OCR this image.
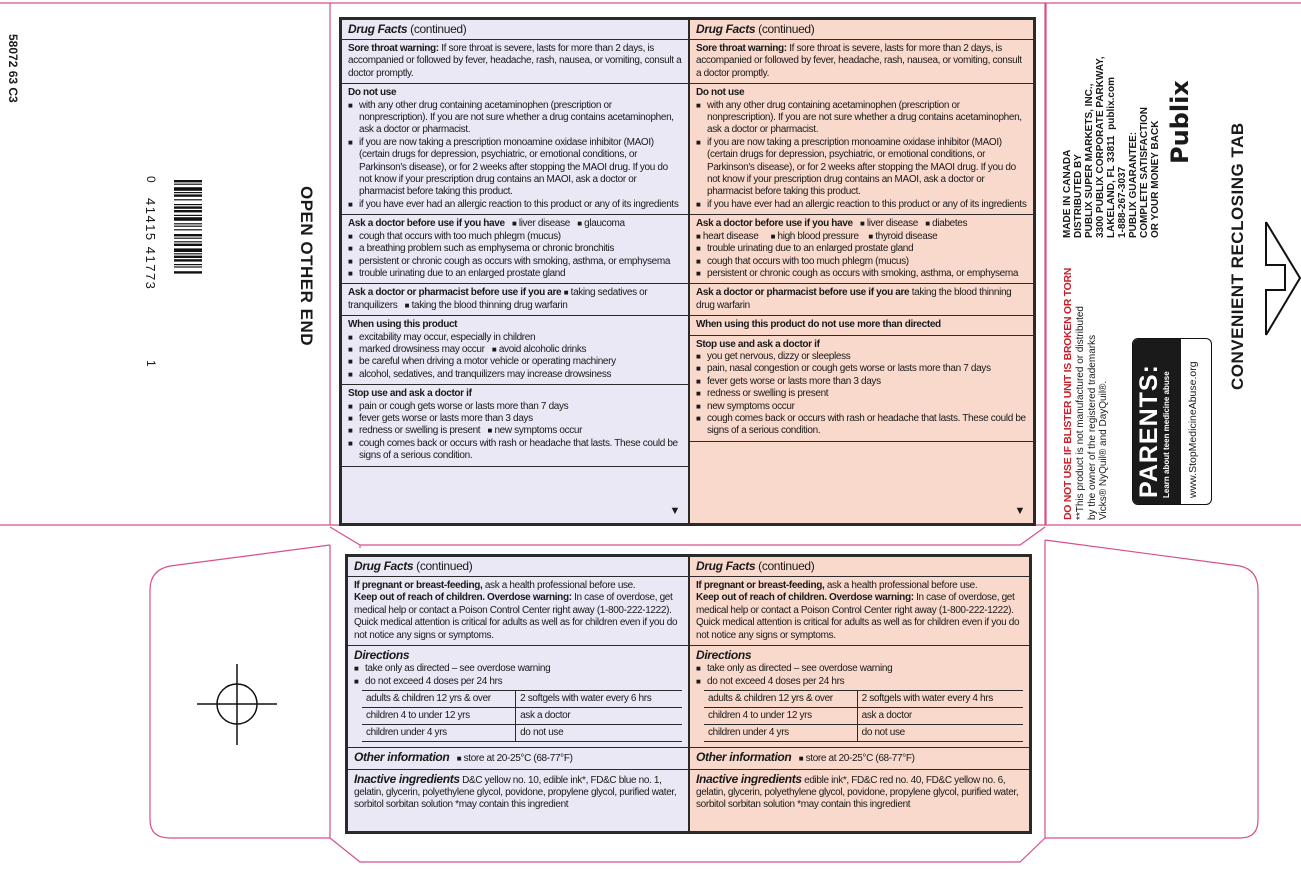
58072 63 C3
0
41415 41773
1
OPEN OTHER END
Drug Facts (continued)
Sore throat warning: If sore throat is severe, lasts for more than 2 days, is accompanied or followed by fever, headache, rash, nausea, or vomiting, consult a doctor promptly.
Do not use
■ with any other drug containing acetaminophen (prescription or nonprescription). If you are not sure whether a drug contains acetaminophen, ask a doctor or pharmacist.
■ if you are now taking a prescription monoamine oxidase inhibitor (MAOI) (certain drugs for depression, psychiatric, or emotional conditions, or Parkinson's disease), or for 2 weeks after stopping the MAOI drug. If you do not know if your prescription drug contains an MAOI, ask a doctor or pharmacist before taking this product.
■ if you have ever had an allergic reaction to this product or any of its ingredients
Ask a doctor before use if you have ■ liver disease ■ glaucoma
■ cough that occurs with too much phlegm (mucus)
■ a breathing problem such as emphysema or chronic bronchitis
■ persistent or chronic cough as occurs with smoking, asthma, or emphysema
■ trouble urinating due to an enlarged prostate gland
Ask a doctor or pharmacist before use if you are ■ taking sedatives or tranquilizers ■ taking the blood thinning drug warfarin
When using this product
■ excitability may occur, especially in children
■ marked drowsiness may occur ■ avoid alcoholic drinks
■ be careful when driving a motor vehicle or operating machinery
■ alcohol, sedatives, and tranquilizers may increase drowsiness
Stop use and ask a doctor if
■ pain or cough gets worse or lasts more than 7 days
■ fever gets worse or lasts more than 3 days
■ redness or swelling is present ■ new symptoms occur
■ cough comes back or occurs with rash or headache that lasts. These could be signs of a serious condition.
▼
Drug Facts (continued)
Sore throat warning: If sore throat is severe, lasts for more than 2 days, is accompanied or followed by fever, headache, rash, nausea, or vomiting, consult a doctor promptly.
Do not use
■ with any other drug containing acetaminophen (prescription or nonprescription). If you are not sure whether a drug contains acetaminophen, ask a doctor or pharmacist.
■ if you are now taking a prescription monoamine oxidase inhibitor (MAOI) (certain drugs for depression, psychiatric, or emotional conditions, or Parkinson's disease), or for 2 weeks after stopping the MAOI drug. If you do not know if your prescription drug contains an MAOI, ask a doctor or pharmacist before taking this product.
■ if you have ever had an allergic reaction to this product or any of its ingredients
Ask a doctor before use if you have ■ liver disease ■ diabetes
■ heart disease ■ high blood pressure ■ thyroid disease
■ trouble urinating due to an enlarged prostate gland
■ cough that occurs with too much phlegm (mucus)
■ persistent or chronic cough as occurs with smoking, asthma, or emphysema
Ask a doctor or pharmacist before use if you are taking the blood thinning drug warfarin
When using this product do not use more than directed
Stop use and ask a doctor if
■ you get nervous, dizzy or sleepless
■ pain, nasal congestion or cough gets worse or lasts more than 7 days
■ fever gets worse or lasts more than 3 days
■ redness or swelling is present
■ new symptoms occur
■ cough comes back or occurs with rash or headache that lasts. These could be signs of a serious condition.
▼
Drug Facts (continued)
If pregnant or breast-feeding, ask a health professional before use.
Keep out of reach of children. Overdose warning: In case of overdose, get medical help or contact a Poison Control Center right away (1-800-222-1222). Quick medical attention is critical for adults as well as for children even if you do not notice any signs or symptoms.
Directions
■ take only as directed – see overdose warning
■ do not exceed 4 doses per 24 hrs
adults & children 12 yrs & over	2 softgels with water every 6 hrs
children 4 to under 12 yrs	ask a doctor
children under 4 yrs	do not use
Other information ■ store at 20-25°C (68-77°F)
Inactive ingredients D&C yellow no. 10, edible ink*, FD&C blue no. 1, gelatin, glycerin, polyethylene glycol, povidone, propylene glycol, purified water, sorbitol sorbitan solution *may contain this ingredient
Drug Facts (continued)
If pregnant or breast-feeding, ask a health professional before use.
Keep out of reach of children. Overdose warning: In case of overdose, get medical help or contact a Poison Control Center right away (1-800-222-1222). Quick medical attention is critical for adults as well as for children even if you do not notice any signs or symptoms.
Directions
■ take only as directed – see overdose warning
■ do not exceed 4 doses per 24 hrs
adults & children 12 yrs & over	2 softgels with water every 4 hrs
children 4 to under 12 yrs	ask a doctor
children under 4 yrs	do not use
Other information ■ store at 20-25°C (68-77°F)
Inactive ingredients edible ink*, FD&C red no. 40, FD&C yellow no. 6, gelatin, glycerin, polyethylene glycol, povidone, propylene glycol, purified water, sorbitol sorbitan solution *may contain this ingredient
DO NOT USE IF BLISTER UNIT IS BROKEN OR TORN
MADE IN CANADA DISTRIBUTED BY PUBLIX SUPER MARKETS, INC., 3300 PUBLIX CORPORATE PARKWAY, LAKELAND, FL 33811  publix.com
1-888-267-3037 PUBLIX GUARANTEE: COMPLETE SATISFACTION OR YOUR MONEY BACK
**This product is not manufactured or distributed by the owner of the registered trademarks Vicks® NyQuil® and DayQuil®. PARENTS: Learn about teen medicine abuse	www.StopMedicineAbuse.org
Publix
CONVENIENT RECLOSING TAB
